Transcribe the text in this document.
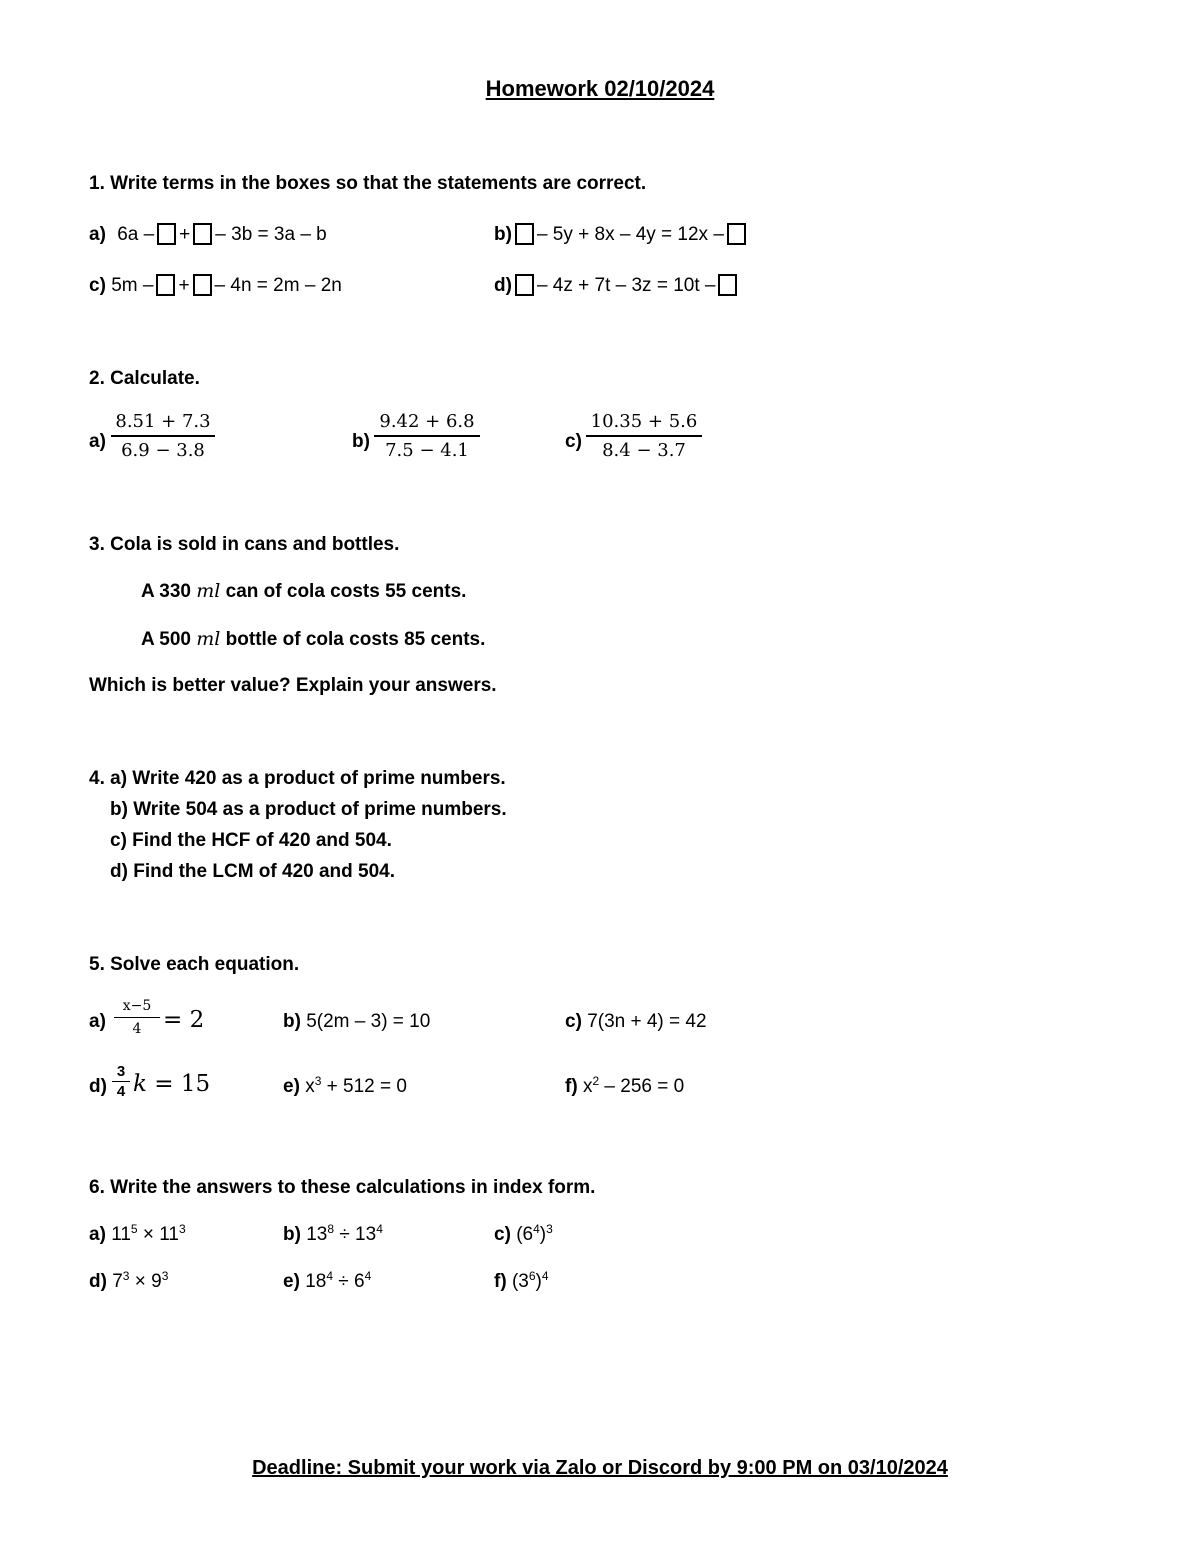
Homework 02/10/2024
1. Write terms in the boxes so that the statements are correct.
a) 6a – + – 3b = 3a – b	b) – 5y + 8x – 4y = 12x –
c) 5m – + – 4n = 2m – 2n	d) – 4z + 7t – 3z = 10t –
2. Calculate.
a)
8.51 + 7.3
6.9 − 3.8	b)
9.42 + 6.8
7.5 − 4.1	c)
10.35 + 5.6
8.4 − 3.7
3. Cola is sold in cans and bottles.
A 330 ml can of cola costs 55 cents.
A 500 ml bottle of cola costs 85 cents.
Which is better value? Explain your answers.
4. a) Write 420 as a product of prime numbers.
b) Write 504 as a product of prime numbers.
c) Find the HCF of 420 and 504.
d) Find the LCM of 420 and 504.
5. Solve each equation.
a)
x−5
4 = 2	b) 5(2m – 3) = 10	c) 7(3n + 4) = 42
d)
3
4 k = 15	e) $x^3 + 512 = 0$	f) $x^2 - 256 = 0$
6. Write the answers to these calculations in index form.
a) $11^5 \times 11^3$	b) $13^8 \div 13^4$	c) $(6^4)^3$
d) $7^3 \times 9^3$	e) $18^4 \div 6^4$	f) $(3^6)^4$
Deadline: Submit your work via Zalo or Discord by 9:00 PM on 03/10/2024
